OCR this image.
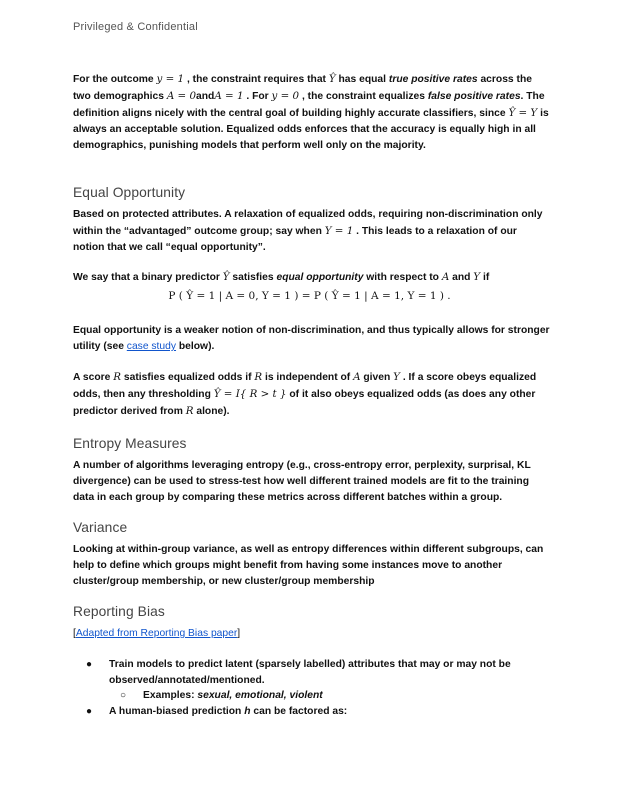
Privileged & Confidential

For the outcome y = 1 , the constraint requires that Ŷ has equal true positive rates across the two demographics A = 0andA = 1 . For y = 0 , the constraint equalizes false positive rates. The definition aligns nicely with the central goal of building highly accurate classifiers, since Ŷ = Y is always an acceptable solution. Equalized odds enforces that the accuracy is equally high in all demographics, punishing models that perform well only on the majority.

Equal Opportunity

Based on protected attributes. A relaxation of equalized odds, requiring non-discrimination only within the “advantaged” outcome group; say when Y = 1 . This leads to a relaxation of our notion that we call “equal opportunity”.

We say that a binary predictor Ŷ satisfies equal opportunity with respect to A and Y if

P ( Ŷ = 1 | A = 0, Y = 1 ) = P ( Ŷ = 1 | A = 1, Y = 1 ) .

Equal opportunity is a weaker notion of non-discrimination, and thus typically allows for stronger utility (see case study below).

A score R satisfies equalized odds if R is independent of A given Y . If a score obeys equalized odds, then any thresholding Ŷ = I{ R > t } of it also obeys equalized odds (as does any other predictor derived from R alone).

Entropy Measures
A number of algorithms leveraging entropy (e.g., cross-entropy error, perplexity, surprisal, KL divergence) can be used to stress-test how well different trained models are fit to the training data in each group by comparing these metrics across different batches within a group.
Variance
Looking at within-group variance, as well as entropy differences within different subgroups, can help to define which groups might benefit from having some instances move to another cluster/group membership, or new cluster/group membership
Reporting Bias
[Adapted from Reporting Bias paper]
● Train models to predict latent (sparsely labelled) attributes that may or may not be observed/annotated/mentioned.
○ Examples: sexual, emotional, violent
● A human-biased prediction h can be factored as:
